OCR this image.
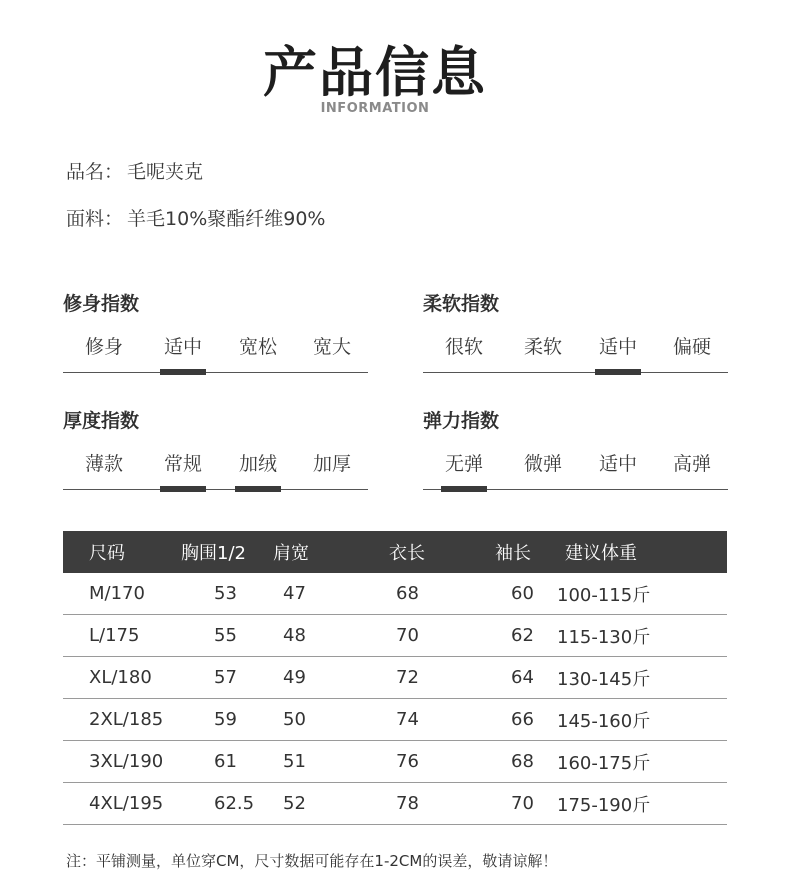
产品信息
INFORMATION
品名： 毛呢夹克
面料： 羊毛10%聚酯纤维90%
修身指数
修身	适中	宽松	宽大
柔软指数
很软	柔软	适中	偏硬
厚度指数
薄款	常规	加绒	加厚
弹力指数
无弹	微弹	适中	高弹
尺码	胸围1/2	肩宽	衣长	袖长	建议体重
M/170	53	47	68	60	100-115斤
L/175	55	48	70	62	115-130斤
XL/180	57	49	72	64	130-145斤
2XL/185	59	50	74	66	145-160斤
3XL/190	61	51	76	68	160-175斤
4XL/195	62.5	52	78	70	175-190斤
注：平铺测量，单位穿CM，尺寸数据可能存在1-2CM的误差，敬请谅解！
